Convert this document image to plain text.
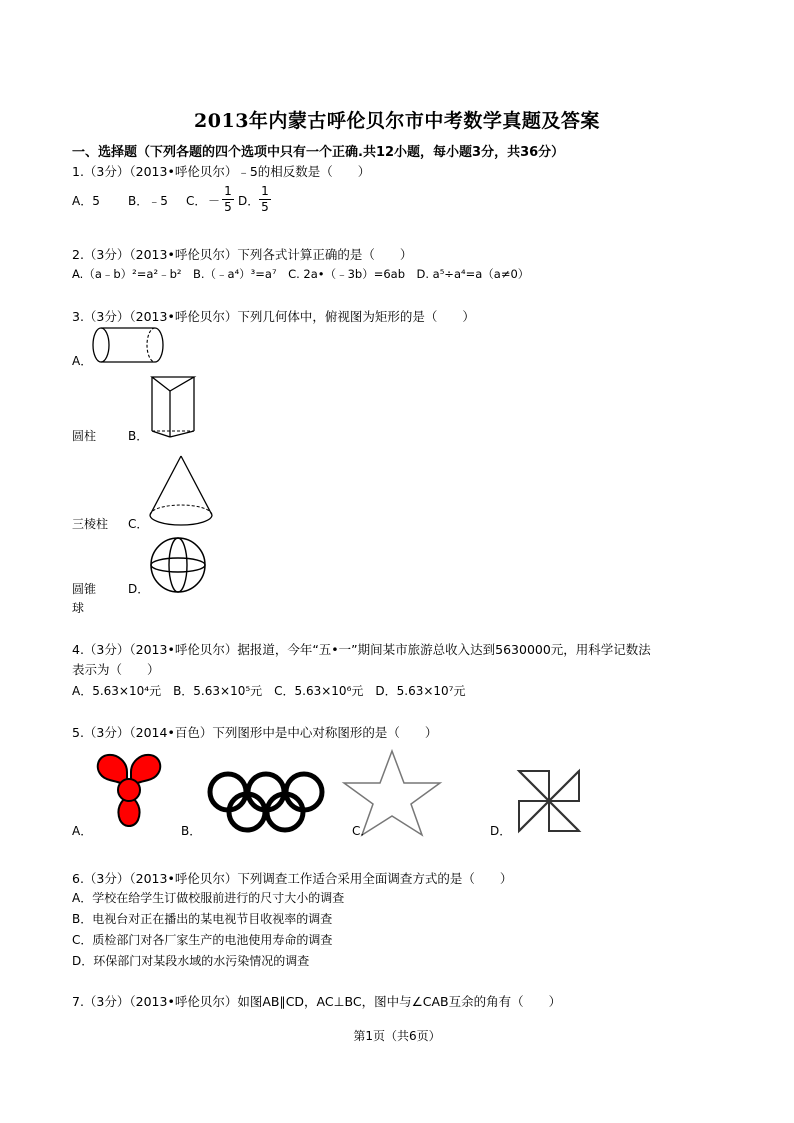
2013年内蒙古呼伦贝尔市中考数学真题及答案
一、选择题（下列各题的四个选项中只有一个正确.共12小题，每小题3分，共36分）
1.（3分）（2013•呼伦贝尔）﹣5的相反数是（　　）
A．5 B．﹣5 C． －
1
5 D．
1
5
2.（3分）（2013•呼伦贝尔）下列各式计算正确的是（　　）
A.（a﹣b）²=a²﹣b²　B.（﹣a⁴）³=a⁷　C. 2a•（﹣3b）=6ab　D. a⁵÷a⁴=a（a≠0）
3.（3分）（2013•呼伦贝尔）下列几何体中，俯视图为矩形的是（　　）
A．
圆柱	B．
三棱柱 C．
圆锥	D．
球
4.（3分）（2013•呼伦贝尔）据报道，今年“五•一”期间某市旅游总收入达到5630000元，用科学记数法
表示为（　　）
A．5.63×10⁴元　B．5.63×10⁵元　C．5.63×10⁶元　D．5.63×10⁷元
5.（3分）（2014•百色）下列图形中是中心对称图形的是（　　）
A．	B．	C．	D．
6.（3分）（2013•呼伦贝尔）下列调查工作适合采用全面调查方式的是（　　）
A．学校在给学生订做校服前进行的尺寸大小的调查
B．电视台对正在播出的某电视节目收视率的调查
C．质检部门对各厂家生产的电池使用寿命的调查
D．环保部门对某段水域的水污染情况的调查
7.（3分）（2013•呼伦贝尔）如图AB∥CD，AC⊥BC，图中与∠CAB互余的角有（　　）
第1页（共6页）
